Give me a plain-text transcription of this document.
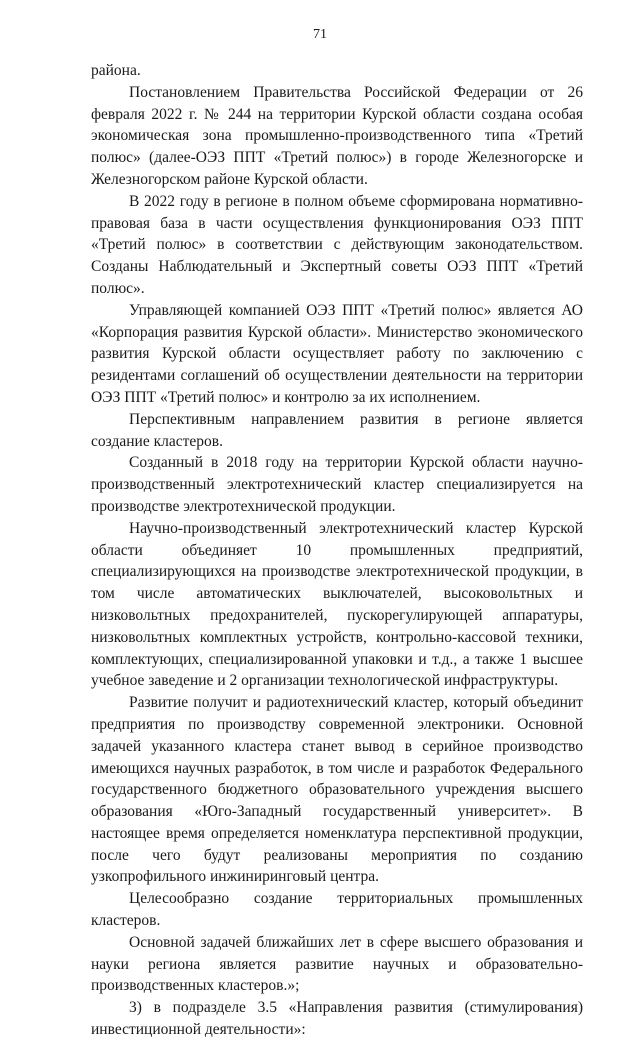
71

района.

Постановлением Правительства Российской Федерации от 26 февраля 2022 г. № 244 на территории Курской области создана особая экономическая зона промышленно-производственного типа «Третий полюс» (далее-ОЭЗ ППТ «Третий полюс») в городе Железногорске и Железногорском районе Курской области.

В 2022 году в регионе в полном объеме сформирована нормативно-правовая база в части осуществления функционирования ОЭЗ ППТ «Третий полюс» в соответствии с действующим законодательством. Созданы Наблюдательный и Экспертный советы ОЭЗ ППТ «Третий полюс».

Управляющей компанией ОЭЗ ППТ «Третий полюс» является АО «Корпорация развития Курской области». Министерство экономического развития Курской области осуществляет работу по заключению с резидентами соглашений об осуществлении деятельности на территории ОЭЗ ППТ «Третий полюс» и контролю за их исполнением.

Перспективным направлением развития в регионе является создание кластеров.

Созданный в 2018 году на территории Курской области научно-производственный электротехнический кластер специализируется на производстве электротехнической продукции.

Научно-производственный электротехнический кластер Курской области объединяет 10 промышленных предприятий, специализирующихся на производстве электротехнической продукции, в том числе автоматических выключателей, высоковольтных и низковольтных предохранителей, пускорегулирующей аппаратуры, низковольтных комплектных устройств, контрольно-кассовой техники, комплектующих, специализированной упаковки и т.д., а также 1 высшее учебное заведение и 2 организации технологической инфраструктуры.

Развитие получит и радиотехнический кластер, который объединит предприятия по производству современной электроники. Основной задачей указанного кластера станет вывод в серийное производство имеющихся научных разработок, в том числе и разработок Федерального государственного бюджетного образовательного учреждения высшего образования «Юго-Западный государственный университет». В настоящее время определяется номенклатура перспективной продукции, после чего будут реализованы мероприятия по созданию узкопрофильного инжиниринговый центра.

Целесообразно создание территориальных промышленных кластеров.

Основной задачей ближайших лет в сфере высшего образования и науки региона является развитие научных и образовательно-производственных кластеров.»;

3) в подразделе 3.5 «Направления развития (стимулирования) инвестиционной деятельности»:
